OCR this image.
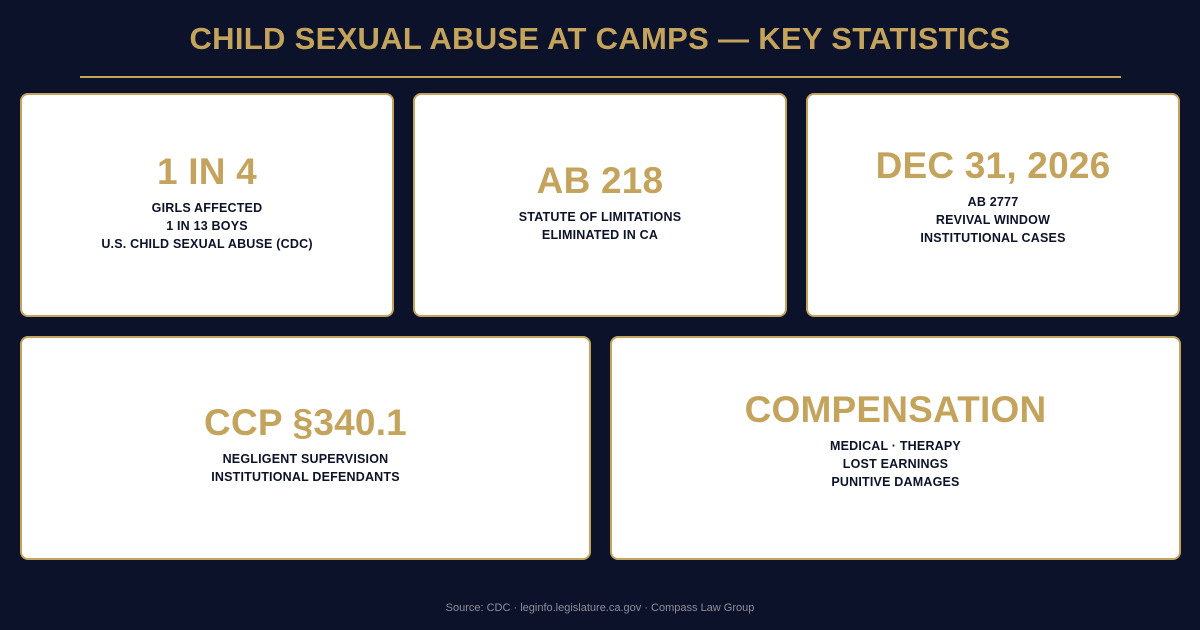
CHILD SEXUAL ABUSE AT CAMPS — KEY STATISTICS
1 IN 4
GIRLS AFFECTED
1 IN 13 BOYS
U.S. CHILD SEXUAL ABUSE (CDC)
AB 218
STATUTE OF LIMITATIONS
ELIMINATED IN CA
DEC 31, 2026
AB 2777
REVIVAL WINDOW
INSTITUTIONAL CASES
CCP §340.1
NEGLIGENT SUPERVISION
INSTITUTIONAL DEFENDANTS
COMPENSATION
MEDICAL · THERAPY
LOST EARNINGS
PUNITIVE DAMAGES
Source: CDC · leginfo.legislature.ca.gov · Compass Law Group
